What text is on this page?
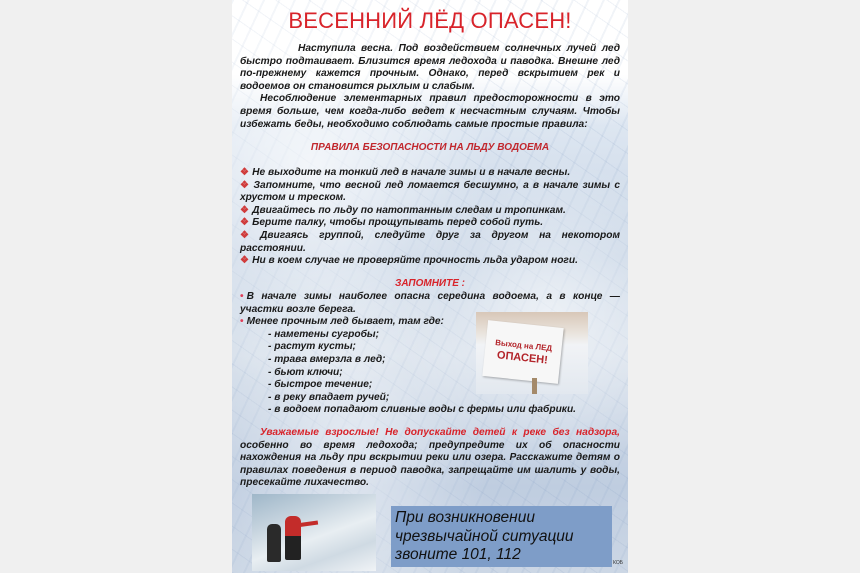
ВЕСЕННИЙ ЛЁД ОПАСЕН!

Наступила весна. Под воздействием солнечных лучей лед быстро подтаивает. Близится время ледохода и паводка. Внешне лед по-прежнему кажется прочным. Однако, перед вскрытием рек и водоемов он становится рыхлым и слабым.

Несоблюдение элементарных правил предосторожности в это время больше, чем когда-либо ведет к несчастным случаям. Чтобы избежать беды, необходимо соблюдать самые простые правила:

ПРАВИЛА БЕЗОПАСНОСТИ НА ЛЬДУ ВОДОЕМА

❖ Не выходите на тонкий лед в начале зимы и в начале весны.

❖ Запомните, что весной лед ломается бесшумно, а в начале зимы с хрустом и треском.

❖ Двигайтесь по льду по натоптанным следам и тропинкам.

❖ Берите палку, чтобы прощупывать перед собой путь.

❖ Двигаясь группой, следуйте друг за другом на некотором расстоянии.

❖ Ни в коем случае не проверяйте прочность льда ударом ноги.

ЗАПОМНИТЕ :

• В начале зимы наиболее опасна середина водоема, а в конце — участки возле берега.

• Менее прочным лед бывает, там где:

- наметены сугробы;
- растут кусты;
- трава вмерзла в лед;
- бьют ключи;
- быстрое течение;
- в реку впадает ручей;
- в водоем попадают сливные воды с фермы или фабрики.
Выход на ЛЕД
ОПАСЕН!

Уважаемые взрослые! Не допускайте детей к реке без надзора, особенно во время ледохода; предупредите их об опасности нахождения на льду при вскрытии реки или озера. Расскажите детям о правилах поведения в период паводка, запрещайте им шалить у воды, пресекайте лихачество.

При возникновении
чрезвычайной ситуации
звоните 101, 112	КОБ
